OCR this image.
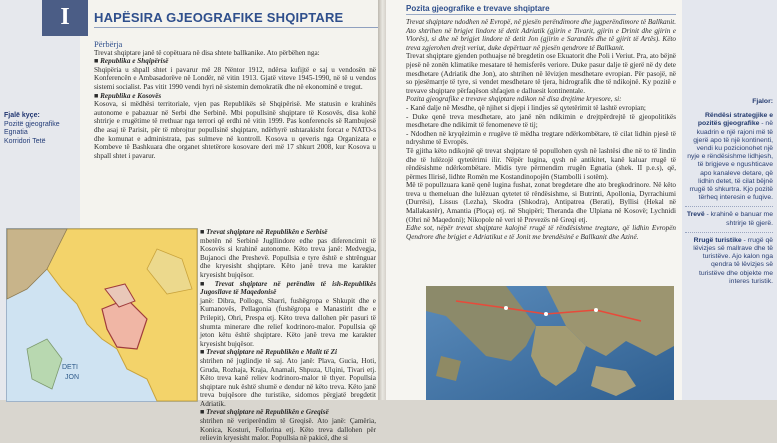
I	HAPËSIRA GJEOGRAFIKE SHQIPTARE
Fjalë kyçe:
Pozitë gjeografike
Egnatia
Korridori Tetë
Përbërja
Trevat shqiptare janë të copëtuara në disa shtete ballkanike. Ato përbëhen nga:
■ Republika e Shqipërisë
Shqipëria u shpall shtet i pavarur më 28 Nëntor 1912, ndërsa kufijtë e saj u vendosën në Konferencën e Ambasadorëve në Londër, në vitin 1913. Gjatë viteve 1945-1990, në të u vendos sistemi socialist. Pas vitit 1990 vendi hyri në sistemin demokratik dhe në ekonominë e tregut.
■ Republika e Kosovës
Kosova, si mëdhësi territoriale, vjen pas Republikës së Shqipërisë. Me statusin e krahinës autonome e pabazuar në Serbi dhe Serbinë. Mbi popullsinë shqiptare të Kosovës, disa kohë shtrirje e rrugëtime të rrethuar nga terrori që erdhi në vitin 1999. Pas konferencës së Rambujesë dhe asaj të Parisit, për të mbrojtur popullsinë shqiptare, ndërhyrë ushtarakisht forcat e NATO-s dhe komunat e administrata, pas sulmeve në kontroll. Kosova u qeveris nga Organizata e Kombeve të Bashkuara dhe organet shtetërore kosovare deri më 17 shkurt 2008, kur Kosova u shpall shtet i pavarur.
DETI
JON
■ Trevat shqiptare në Republikën e Serbisë
mbetën në Serbinë Jugllindore edhe pas diferencimit të Kosovës si krahinë autonome. Këto treva janë: Medvegja, Bujanoci dhe Preshevë. Popullsia e tyre është e shtrënguar dhe kryesisht shqiptare. Këto janë treva me karakter kryesisht bujqësor.
■ Trevat shqiptare në perëndim të ish-Republikës Jugosllave të Maqedonisë
janë: Dibra, Pollogu, Sharri, fushëgropa e Shkupit dhe e Kumanovës, Pellagonia (fushëgropa e Manastirit dhe e Prilepit), Ohri, Prespa etj. Këto treva dallohen për pasuri të shumta minerare dhe relief kodrinoro-malor. Popullsia që jeton këtu është shqiptare. Këto janë treva me karakter kryesisht bujqësor.
■ Trevat shqiptare në Republikën e Malit të Zi
shtrihen në juglindje të saj. Ato janë: Plava, Gucia, Hoti, Gruda, Rozhaja, Kraja, Anamali, Shpuza, Ulqini, Tivari etj. Këto treva kanë reliev kodrinoro-malor të thyer. Popullsia shqiptare nuk është shumë e dendur në këto treva. Këto janë treva bujqësore dhe turistike, sidomos përgjatë bregdetit Adriatik.
■ Trevat shqiptare në Republikën e Greqisë
shtrihen në veriperëndim të Greqisë. Ato janë: Çamëria, Konica, Kosturi, Follorina etj. Këto treva dallohen për relievin kryesisht malor. Popullsia në pakicë, dhe si
Pozita gjeografike e trevave shqiptare
Trevat shqiptare ndodhen në Evropë, në pjesën perëndimore dhe jugperëndimore të Ballkanit. Ato shtrihen në brigjet lindore të detit Adriatik (gjirin e Tivarit, gjirin e Drinit dhe gjirin e Vlorës), si dhe në brigjet lindore të detit Jon (gjirin e Sarandës dhe të gjirit të Artës). Këto treva zgjerohen drejt veriut, duke depërtuar në pjesën qendrore të Ballkanit.
Trevat shqiptare gjenden pothuajse në bregdetin ose Ekuatorit dhe Poli i Veriut. Pra, ato bëjnë pjesë në zonën klimatike mesatare të hemisferës veriore. Duke pasur dalje të gjerë në dy dete mesdhetare (Adriatik dhe Jon), ato shtrihen në lëvizjen mesdhetare evropian. Për pasojë, në so pjesëmarrje të tyre, si vendet mesdhetare të tjera, hidrografik dhe të ndikojnë. Ky pozitë e trevave shqiptare përfaqëson shfaqjen e dalluesit kontinentale.
Pozita gjeografike e trevave shqiptare ndikon në disa drejtime kryesore, si:
- Kanë dalje në Mesdhe, që njihet si djepi i lindjes së qytetërimit të lashtë evropian;
- Duke qenë treva mesdhetare, ato janë nën ndikimin e drejtpërdrejtë të gjeopolitikës mesdhetare dhe ndikimit të fenomeneve të tij;
- Ndodhen në kryqëzimin e rrugëve të mëdha tregtare ndërkombëtare, të cilat lidhin pjesë të ndryshme të Evropës.
Të gjitha këto ndikojnë që trevat shqiptare të popullohen qysh në lashtësi dhe në to të lindin dhe të lulëzojë qytetërimi ilir. Nëpër lugina, qysh në antikitet, kanë kaluar rrugë të rëndësishme ndërkombëtare. Midis tyre përmendim rrugën Egnatia (shek. II p.e.s), që, përmes Ilirisë, lidhte Romën me Kostandinopojën (Stambolli i sotëm).
Më të popullzuara kanë qenë lugina fushat, zonat bregdetare dhe ato bregkodrinore. Në këto treva u themeluan dhe lulëzuan qytetet të rëndësishme, si Butrinti, Apollonia, Dyrrachiumi (Durrësi), Lissus (Lezha), Skodra (Shkodra), Antipatrea (Berati), Byllisi (Hekal në Mallakastër), Amantia (Ploça) etj. në Shqipëri; Theranda dhe Ulpiana në Kosovë; Lychnidi (Ohri në Maqedoni); Nikopole në veri të Prevezës në Greqi etj.
Edhe sot, nëpër trevat shqiptare kalojnë rrugë të rëndësishme tregtare, që lidhin Evropën Qendrore dhe brigjet e Adriatikut e të Jonit me brendësinë e Ballkanit dhe Azinë.
Fjalor:
Rëndësi strategjike e pozitës gjeografike - në kuadrin e një rajoni më të gjerë apo të një kontinenti, vendi ku pozicionohet një nyje e rëndësishme lidhjesh, të brigjeve e ngushticave apo kanaleve detare, që lidhin detet, të cilat bëjnë rrugë të shkurtra. Kjo pozitë tërheq interesin e fuqive.
Trevë - krahinë e banuar me shtrirje të gjerë.
Rrugë turistike - rrugë që lëvizjes së mallrave dhe të turistëve. Ajo kalon nga qendra të lëvizjes së turistëve dhe objekte me interes turistik.
